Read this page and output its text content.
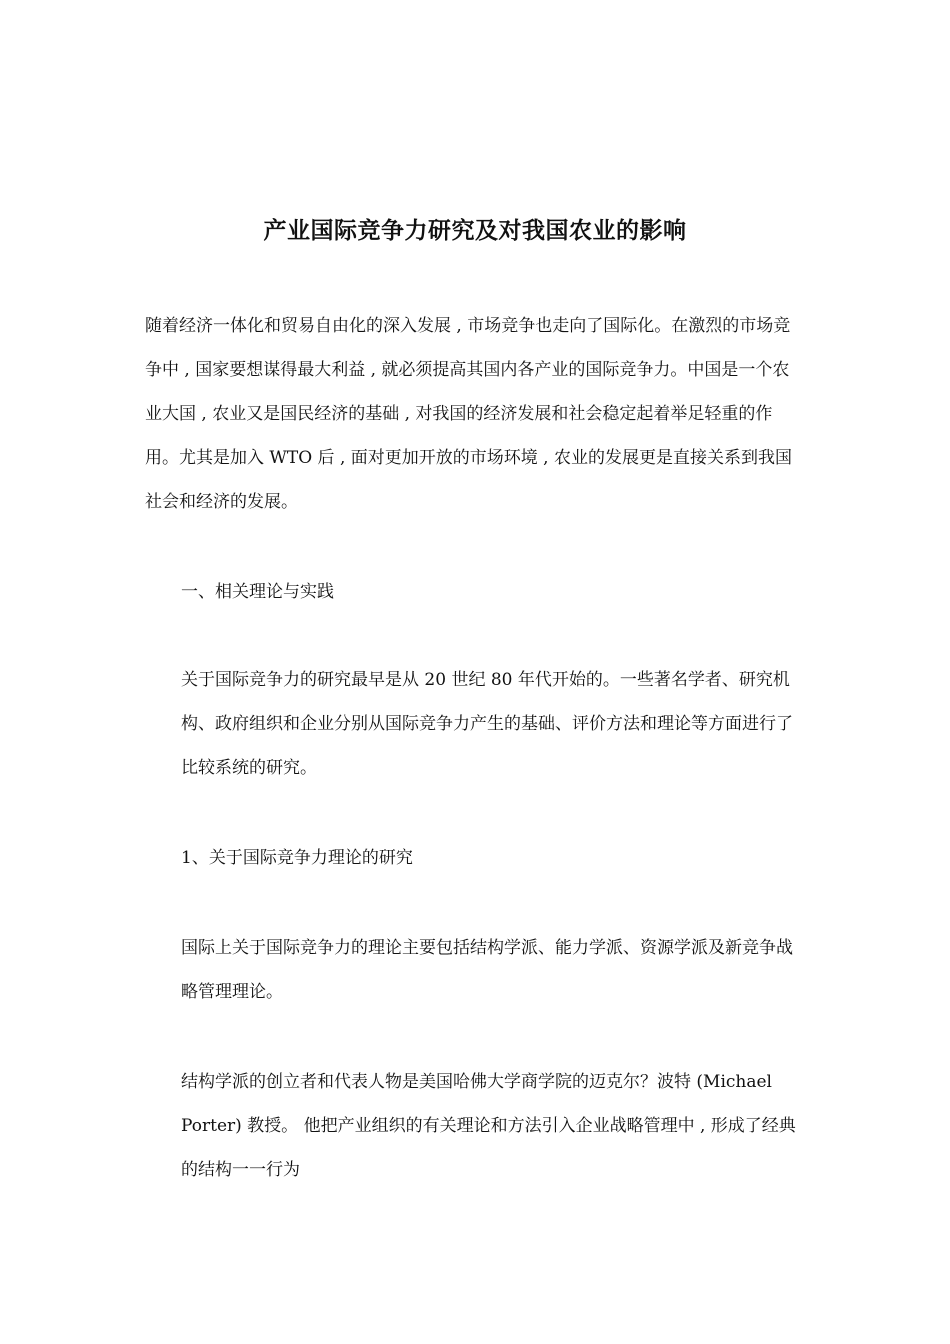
产业国际竞争力研究及对我国农业的影响
随着经济一体化和贸易自由化的深入发展 , 市场竞争也走向了国际化。在激烈的市场竞争中 , 国家要想谋得最大利益 , 就必须提高其国内各产业的国际竞争力。中国是一个农业大国 , 农业又是国民经济的基础 , 对我国的经济发展和社会稳定起着举足轻重的作用。尤其是加入 WTO 后 , 面对更加开放的市场环境 , 农业的发展更是直接关系到我国社会和经济的发展。
一、相关理论与实践
关于国际竞争力的研究最早是从 20 世纪 80 年代开始的。一些著名学者、研究机构、政府组织和企业分别从国际竞争力产生的基础、评价方法和理论等方面进行了比较系统的研究。
1、关于国际竞争力理论的研究
国际上关于国际竞争力的理论主要包括结构学派、能力学派、资源学派及新竞争战略管理理论。
结构学派的创立者和代表人物是美国哈佛大学商学院的迈克尔？波特 (Michael Porter) 教授。 他把产业组织的有关理论和方法引入企业战略管理中 , 形成了经典的结构一一行为
